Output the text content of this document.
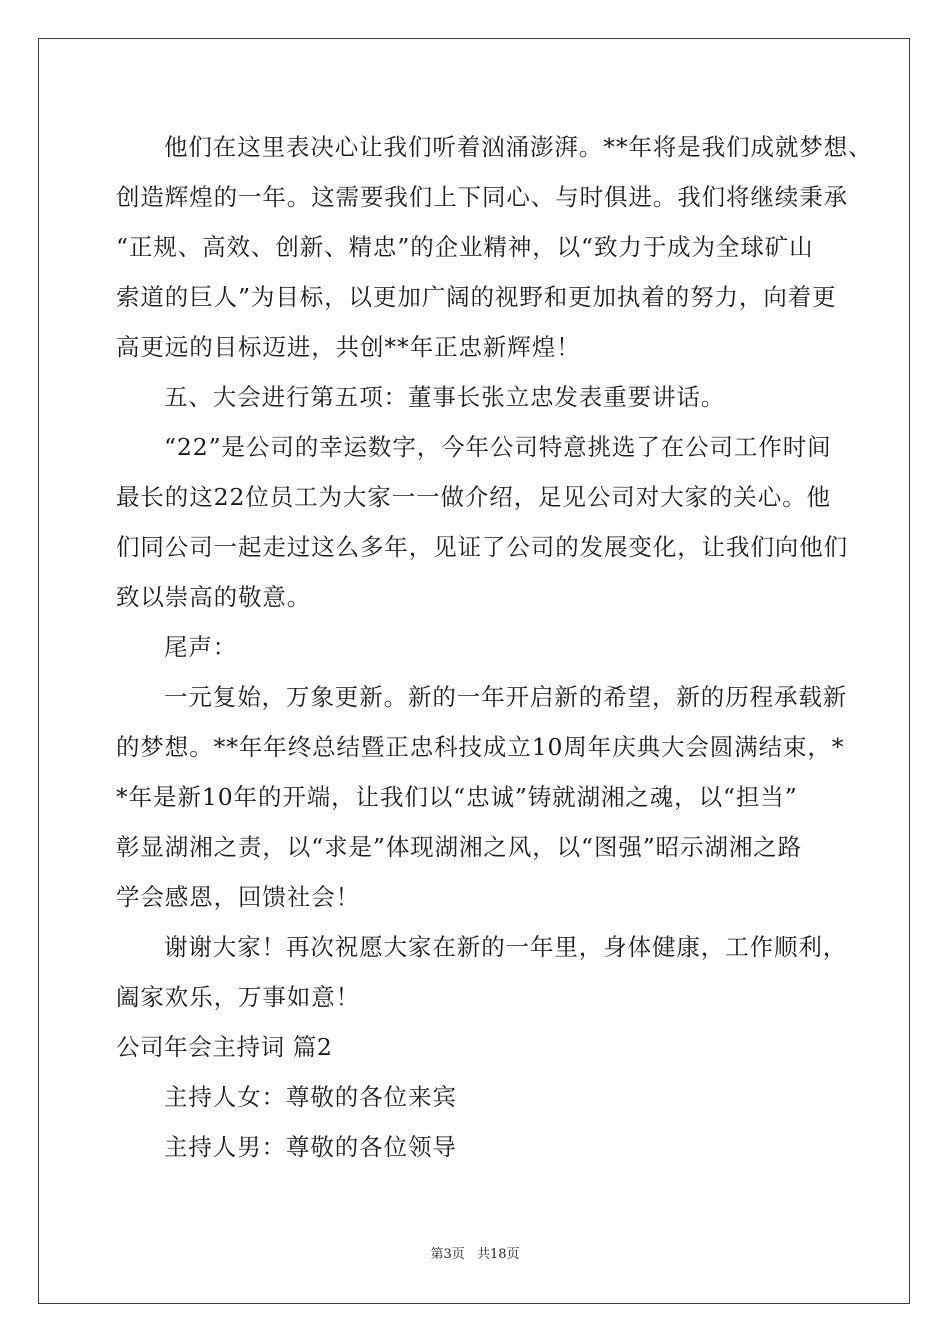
他们在这里表决心让我们听着汹涌澎湃。**年将是我们成就梦想、
创造辉煌的一年。这需要我们上下同心、与时俱进。我们将继续秉承
“正规、高效、创新、精忠”的企业精神，以“致力于成为全球矿山
索道的巨人”为目标，以更加广阔的视野和更加执着的努力，向着更
高更远的目标迈进，共创**年正忠新辉煌！
五、大会进行第五项：董事长张立忠发表重要讲话。
“22”是公司的幸运数字，今年公司特意挑选了在公司工作时间
最长的这22位员工为大家一一做介绍，足见公司对大家的关心。他
们同公司一起走过这么多年，见证了公司的发展变化，让我们向他们
致以崇高的敬意。
尾声：
一元复始，万象更新。新的一年开启新的希望，新的历程承载新
的梦想。**年年终总结暨正忠科技成立10周年庆典大会圆满结束，*
*年是新10年的开端，让我们以“忠诚”铸就湖湘之魂，以“担当”
彰显湖湘之责，以“求是”体现湖湘之风，以“图强”昭示湖湘之路
学会感恩，回馈社会！
谢谢大家！再次祝愿大家在新的一年里，身体健康，工作顺利，
阖家欢乐，万事如意！
公司年会主持词 篇2
主持人女：尊敬的各位来宾
主持人男：尊敬的各位领导
第3页 共18页
